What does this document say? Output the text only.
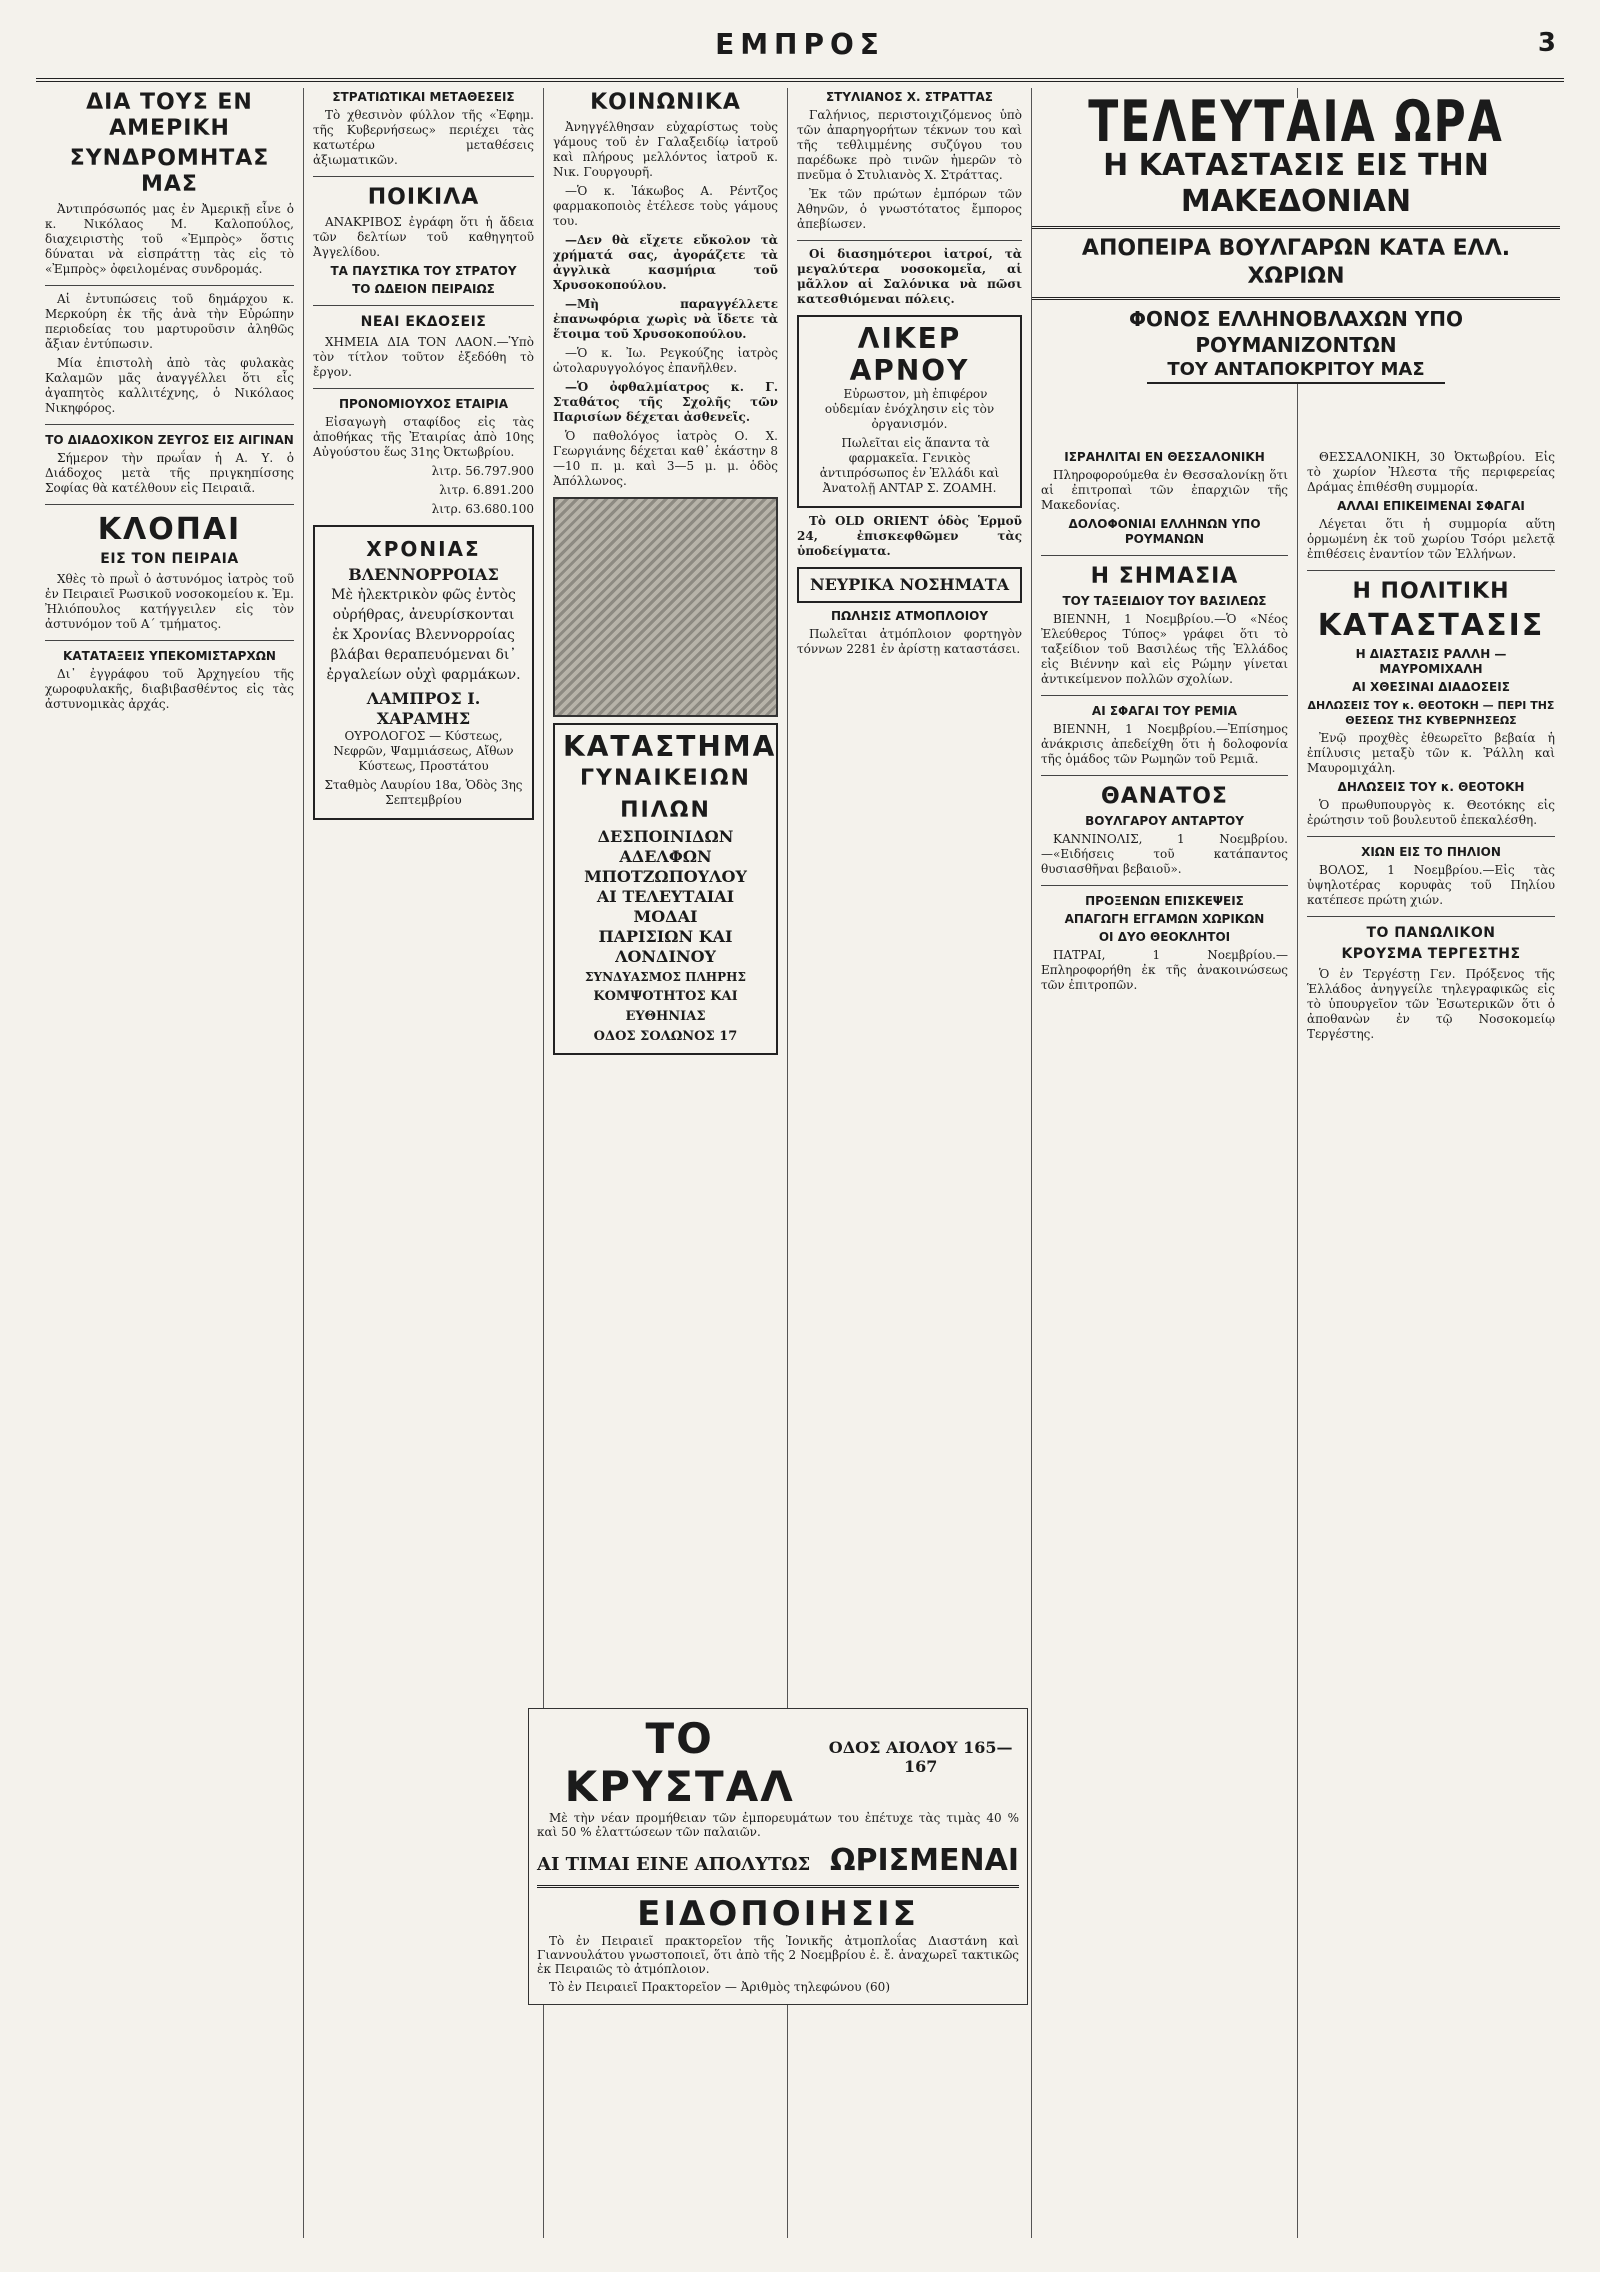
ΕΜΠΡΟΣ	3
ΔΙΑ ΤΟΥΣ ΕΝ ΑΜΕΡΙΚΗ
ΣΥΝΔΡΟΜΗΤΑΣ ΜΑΣ

Ἀντιπρόσωπός μας ἐν Ἀμερικῇ εἶνε ὁ κ. Νικόλαος Μ. Καλοπούλος, διαχειριστὴς τοῦ «Ἐμπρὸς» ὅστις δύναται νὰ εἰσπράττῃ τὰς εἰς τὸ «Ἐμπρὸς» ὀφειλομένας συνδρομάς.

Αἱ ἐντυπώσεις τοῦ δημάρχου κ. Μερκούρη ἐκ τῆς ἀνὰ τὴν Εὐρώπην περιοδείας του μαρτυροῦσιν ἀληθῶς ἄξιαν ἐντύπωσιν.

Μία ἐπιστολὴ ἀπὸ τὰς φυλακὰς Καλαμῶν μᾶς ἀναγγέλλει ὅτι εἷς ἀγαπητὸς καλλιτέχνης, ὁ Νικόλαος Νικηφόρος.

ΤΟ ΔΙΑΔΟΧΙΚΟΝ ΖΕΥΓΟΣ ΕΙΣ ΑΙΓΙΝΑΝ

Σήμερον τὴν πρωΐαν ἡ Α. Υ. ὁ Διάδοχος μετὰ τῆς πριγκηπίσσης Σοφίας θὰ κατέλθουν εἰς Πειραιᾶ.

ΚΛΟΠΑΙ
ΕΙΣ ΤΟΝ ΠΕΙΡΑΙΑ

Χθὲς τὸ πρωῒ ὁ ἀστυνόμος ἰατρὸς τοῦ ἐν Πειραιεῖ Ρωσικοῦ νοσοκομείου κ. Ἐμ. Ἠλιόπουλος κατήγγειλεν εἰς τὸν ἀστυνόμον τοῦ Α΄ τμήματος.

ΚΑΤΑΤΑΞΕΙΣ ΥΠΕΚΟΜΙΣΤΑΡΧΩΝ

Δι᾽ ἐγγράφου τοῦ Ἀρχηγείου τῆς χωροφυλακῆς, διαβιβασθέντος εἰς τὰς ἀστυνομικὰς ἀρχάς.

ΣΤΡΑΤΙΩΤΙΚΑΙ ΜΕΤΑΘΕΣΕΙΣ

Τὸ χθεσινὸν φύλλον τῆς «Ἐφημ. τῆς Κυβερνήσεως» περιέχει τὰς κατωτέρω μεταθέσεις ἀξιωματικῶν.

ΠΟΙΚΙΛΑ

ΑΝΑΚΡΙΒΟΣ ἐγράφη ὅτι ἡ ἄδεια τῶν δελτίων τοῦ καθηγητοῦ Ἀγγελίδου.

ΤΑ ΠΑΥΣΤΙΚΑ ΤΟΥ ΣΤΡΑΤΟΥ
ΤΟ ΩΔΕΙΟΝ ΠΕΙΡΑΙΩΣ
ΝΕΑΙ ΕΚΔΟΣΕΙΣ

ΧΗΜΕΙΑ ΔΙΑ ΤΟΝ ΛΑΟΝ.—Ὑπὸ τὸν τίτλον τοῦτον ἐξεδόθη τὸ ἔργον.

ΠΡΟΝΟΜΙΟΥΧΟΣ ΕΤΑΙΡΙΑ

Εἰσαγωγὴ σταφίδος εἰς τὰς ἀποθήκας τῆς Ἐταιρίας ἀπὸ 10ης Αὐγούστου ἕως 31ης Ὀκτωβρίου.

λιτρ. 56.797.900

λιτρ. 6.891.200

λιτρ. 63.680.100

ΧΡΟΝΙΑΣ
ΒΛΕΝΝΟΡΡΟΙΑΣ

Μὲ ἠλεκτρικὸν φῶς ἐντὸς οὐρήθρας, ἀνευρίσκονται ἐκ Χρονίας Βλεννορροίας βλάβαι θεραπευόμεναι δι᾽ ἐργαλείων οὐχὶ φαρμάκων.

ΛΑΜΠΡΟΣ Ι. ΧΑΡΑΜΗΣ

ΟΥΡΟΛΟΓΟΣ — Κύστεως, Νεφρῶν, Ψαμμιάσεως, Αἴθων Κύστεως, Προστάτου

Σταθμὸς Λαυρίου 18α, Ὁδὸς 3ης Σεπτεμβρίου

ΚΟΙΝΩΝΙΚΑ

Ἀνηγγέλθησαν εὐχαρίστως τοὺς γάμους τοῦ ἐν Γαλαξειδίῳ ἰατροῦ καὶ πλήρους μελλόντος ἰατροῦ κ. Νικ. Γουργουρῆ.

—Ὁ κ. Ἰάκωβος Α. Ρέντζος φαρμακοποιὸς ἐτέλεσε τοὺς γάμους του.

—Δεν θὰ εἴχετε εὔκολον τὰ χρήματά σας, ἀγοράζετε τὰ ἀγγλικὰ κασμήρια τοῦ Χρυσοκοπούλου.

—Μὴ παραγγέλλετε ἐπανωφόρια χωρὶς νὰ ἴδετε τὰ ἕτοιμα τοῦ Χρυσοκοπούλου.

—Ὁ κ. Ἰω. Ρεγκούζης ἰατρὸς ὠτολαρυγγολόγος ἐπανῆλθεν.

—Ὁ ὀφθαλμίατρος κ. Γ. Σταθάτος τῆς Σχολῆς τῶν Παρισίων δέχεται ἀσθενεῖς.

Ὁ παθολόγος ἰατρὸς Ο. Χ. Γεωργιάνης δέχεται καθ᾽ ἑκάστην 8—10 π. μ. καὶ 3—5 μ. μ. ὁδὸς Ἀπόλλωνος.

ΚΑΤΑΣΤΗΜΑ
ΓΥΝΑΙΚΕΙΩΝ ΠΙΛΩΝ
ΔΕΣΠΟΙΝΙΔΩΝ ΑΔΕΛΦΩΝ
ΜΠΟΤΖΩΠΟΥΛΟΥ
ΑΙ ΤΕΛΕΥΤΑΙΑΙ ΜΟΔΑΙ
ΠΑΡΙΣΙΩΝ ΚΑΙ ΛΟΝΔΙΝΟΥ
ΣΥΝΔΥΑΣΜΟΣ ΠΛΗΡΗΣ
ΚΟΜΨΟΤΗΤΟΣ ΚΑΙ ΕΥΘΗΝΙΑΣ
ΟΔΟΣ ΣΟΛΩΝΟΣ 17
ΣΤΥΛΙΑΝΟΣ Χ. ΣΤΡΑΤΤΑΣ

Γαλήνιος, περιστοιχιζόμενος ὑπὸ τῶν ἀπαρηγορήτων τέκνων του καὶ τῆς τεθλιμμένης συζύγου του παρέδωκε πρὸ τινῶν ἡμερῶν τὸ πνεῦμα ὁ Στυλιανὸς Χ. Στράττας.

Ἐκ τῶν πρώτων ἐμπόρων τῶν Ἀθηνῶν, ὁ γνωστότατος ἔμπορος ἀπεβίωσεν.

Οἱ διασημότεροι ἰατροί, τὰ μεγαλύτερα νοσοκομεῖα, αἱ μᾶλλον αἱ Σαλόνικα νὰ πῶσι κατεσθιόμεναι πόλεις.

ΛΙΚΕΡ
ΑΡΝΟΥ

Εὐρωστον, μὴ ἐπιφέρον οὐδεμίαν ἐνόχλησιν εἰς τὸν ὀργανισμόν.

Πωλεῖται εἰς ἅπαντα τὰ φαρμακεῖα. Γενικὸς ἀντιπρόσωπος ἐν Ἑλλάδι καὶ Ἀνατολῇ ΑΝΤΑΡ Σ. ΖΟΑΜΗ.

Τὸ OLD ORIENT ὁδὸς Ἑρμοῦ 24, ἐπισκεφθῶμεν τὰς ὑποδείγματα.

ΝΕΥΡΙΚΑ ΝΟΣΗΜΑΤΑ
ΠΩΛΗΣΙΣ ΑΤΜΟΠΛΟΙΟΥ

Πωλεῖται ἀτμόπλοιον φορτηγὸν τόννων 2281 ἐν ἀρίστῃ καταστάσει.

ΙΣΡΑΗΛΙΤΑΙ ΕΝ ΘΕΣΣΑΛΟΝΙΚΗ

Πληροφορούμεθα ἐν Θεσσαλονίκῃ ὅτι αἱ ἐπιτροπαὶ τῶν ἐπαρχιῶν τῆς Μακεδονίας.

ΔΟΛΟΦΟΝΙΑΙ ΕΛΛΗΝΩΝ ΥΠΟ ΡΟΥΜΑΝΩΝ
Η ΣΗΜΑΣΙΑ
ΤΟΥ ΤΑΞΕΙΔΙΟΥ ΤΟΥ ΒΑΣΙΛΕΩΣ

ΒΙΕΝΝΗ, 1 Νοεμβρίου.—Ὁ «Νέος Ἐλεύθερος Τύπος» γράφει ὅτι τὸ ταξείδιον τοῦ Βασιλέως τῆς Ἑλλάδος εἰς Βιέννην καὶ εἰς Ρώμην γίνεται ἀντικείμενον πολλῶν σχολίων.

ΑΙ ΣΦΑΓΑΙ ΤΟΥ ΡΕΜΙΑ

ΒΙΕΝΝΗ, 1 Νοεμβρίου.—Ἐπίσημος ἀνάκρισις ἀπεδείχθη ὅτι ἡ δολοφονία τῆς ὁμάδος τῶν Ρωμηῶν τοῦ Ρεμιᾶ.

ΘΑΝΑΤΟΣ
ΒΟΥΛΓΑΡΟΥ ΑΝΤΑΡΤΟΥ

ΚΑΝΝΙΝΟΛΙΣ, 1 Νοεμβρίου.—«Ειδήσεις τοῦ κατάπαντος θυσιασθῆναι βεβαιοῦ».

ΠΡΟΞΕΝΩΝ ΕΠΙΣΚΕΨΕΙΣ
ΑΠΑΓΩΓΗ ΕΓΓΑΜΩΝ ΧΩΡΙΚΩΝ
ΟΙ ΔΥΟ ΘΕΟΚΛΗΤΟΙ

ΠΑΤΡΑΙ, 1 Νοεμβρίου.—Επληροφορήθη ἐκ τῆς ἀνακοινώσεως τῶν ἐπιτροπῶν.

ΘΕΣΣΑΛΟΝΙΚΗ, 30 Ὀκτωβρίου. Εἰς τὸ χωρίον Ἠλεστα τῆς περιφερείας Δράμας ἐπιθέσθη συμμορία.

ΑΛΛΑΙ ΕΠΙΚΕΙΜΕΝΑΙ ΣΦΑΓΑΙ

Λέγεται ὅτι ἡ συμμορία αὕτη ὁρμωμένη ἐκ τοῦ χωρίου Τσόρι μελετᾷ ἐπιθέσεις ἐναντίον τῶν Ἑλλήνων.

Η ΠΟΛΙΤΙΚΗ
ΚΑΤΑΣΤΑΣΙΣ
Η ΔΙΑΣΤΑΣΙΣ ΡΑΛΛΗ — ΜΑΥΡΟΜΙΧΑΛΗ
ΑΙ ΧΘΕΣΙΝΑΙ ΔΙΑΔΟΣΕΙΣ
ΔΗΛΩΣΕΙΣ ΤΟΥ κ. ΘΕΟΤΟΚΗ — ΠΕΡΙ ΤΗΣ ΘΕΣΕΩΣ ΤΗΣ ΚΥΒΕΡΝΗΣΕΩΣ

Ἐνῷ προχθὲς ἐθεωρεῖτο βεβαία ἡ ἐπίλυσις μεταξὺ τῶν κ. Ῥάλλη καὶ Μαυρομιχάλη.

ΔΗΛΩΣΕΙΣ ΤΟΥ κ. ΘΕΟΤΟΚΗ

Ὁ πρωθυπουργὸς κ. Θεοτόκης εἰς ἐρώτησιν τοῦ βουλευτοῦ ἐπεκαλέσθη.

ΧΙΩΝ ΕΙΣ ΤΟ ΠΗΛΙΟΝ

ΒΟΛΟΣ, 1 Νοεμβρίου.—Εἰς τὰς ὑψηλοτέρας κορυφὰς τοῦ Πηλίου κατέπεσε πρώτη χιών.

ΤΟ ΠΑΝΩΛΙΚΟΝ
ΚΡΟΥΣΜΑ ΤΕΡΓΕΣΤΗΣ

Ὁ ἐν Τεργέστῃ Γεν. Πρόξενος τῆς Ἑλλάδος ἀνηγγείλε τηλεγραφικῶς εἰς τὸ ὑπουργεῖον τῶν Ἐσωτερικῶν ὅτι ὁ ἀποθανὼν ἐν τῷ Νοσοκομείῳ Τεργέστης.

ΤΕΛΕΥΤΑΙΑ ΩΡΑ
Η ΚΑΤΑΣΤΑΣΙΣ ΕΙΣ ΤΗΝ ΜΑΚΕΔΟΝΙΑΝ
ΑΠΟΠΕΙΡΑ ΒΟΥΛΓΑΡΩΝ ΚΑΤΑ ΕΛΛ. ΧΩΡΙΩΝ
ΦΟΝΟΣ ΕΛΛΗΝΟΒΛΑΧΩΝ ΥΠΟ ΡΟΥΜΑΝΙΖΟΝΤΩΝ
ΤΟΥ ΑΝΤΑΠΟΚΡΙΤΟΥ ΜΑΣ
ΤΟ ΚΡΥΣΤΑΛ
ΟΔΟΣ ΑΙΟΛΟΥ 165—167

Μὲ τὴν νέαν προμήθειαν τῶν ἐμπορευμάτων του ἐπέτυχε τὰς τιμὰς 40 % καὶ 50 % ἐλαττώσεων τῶν παλαιῶν.

ΑΙ ΤΙΜΑΙ ΕΙΝΕ ΑΠΟΛΥΤΩΣ ΩΡΙΣΜΕΝΑΙ
ΕΙΔΟΠΟΙΗΣΙΣ

Τὸ ἐν Πειραιεῖ πρακτορεῖον τῆς Ἰονικῆς ἀτμοπλοΐας Διαστάνη καὶ Γιαννουλάτου γνωστοποιεῖ, ὅτι ἀπὸ τῆς 2 Νοεμβρίου ἐ. ἔ. ἀναχωρεῖ τακτικῶς ἐκ Πειραιῶς τὸ ἀτμόπλοιον.

Τὸ ἐν Πειραιεῖ Πρακτορεῖον — Ἀριθμὸς τηλεφώνου (60)
